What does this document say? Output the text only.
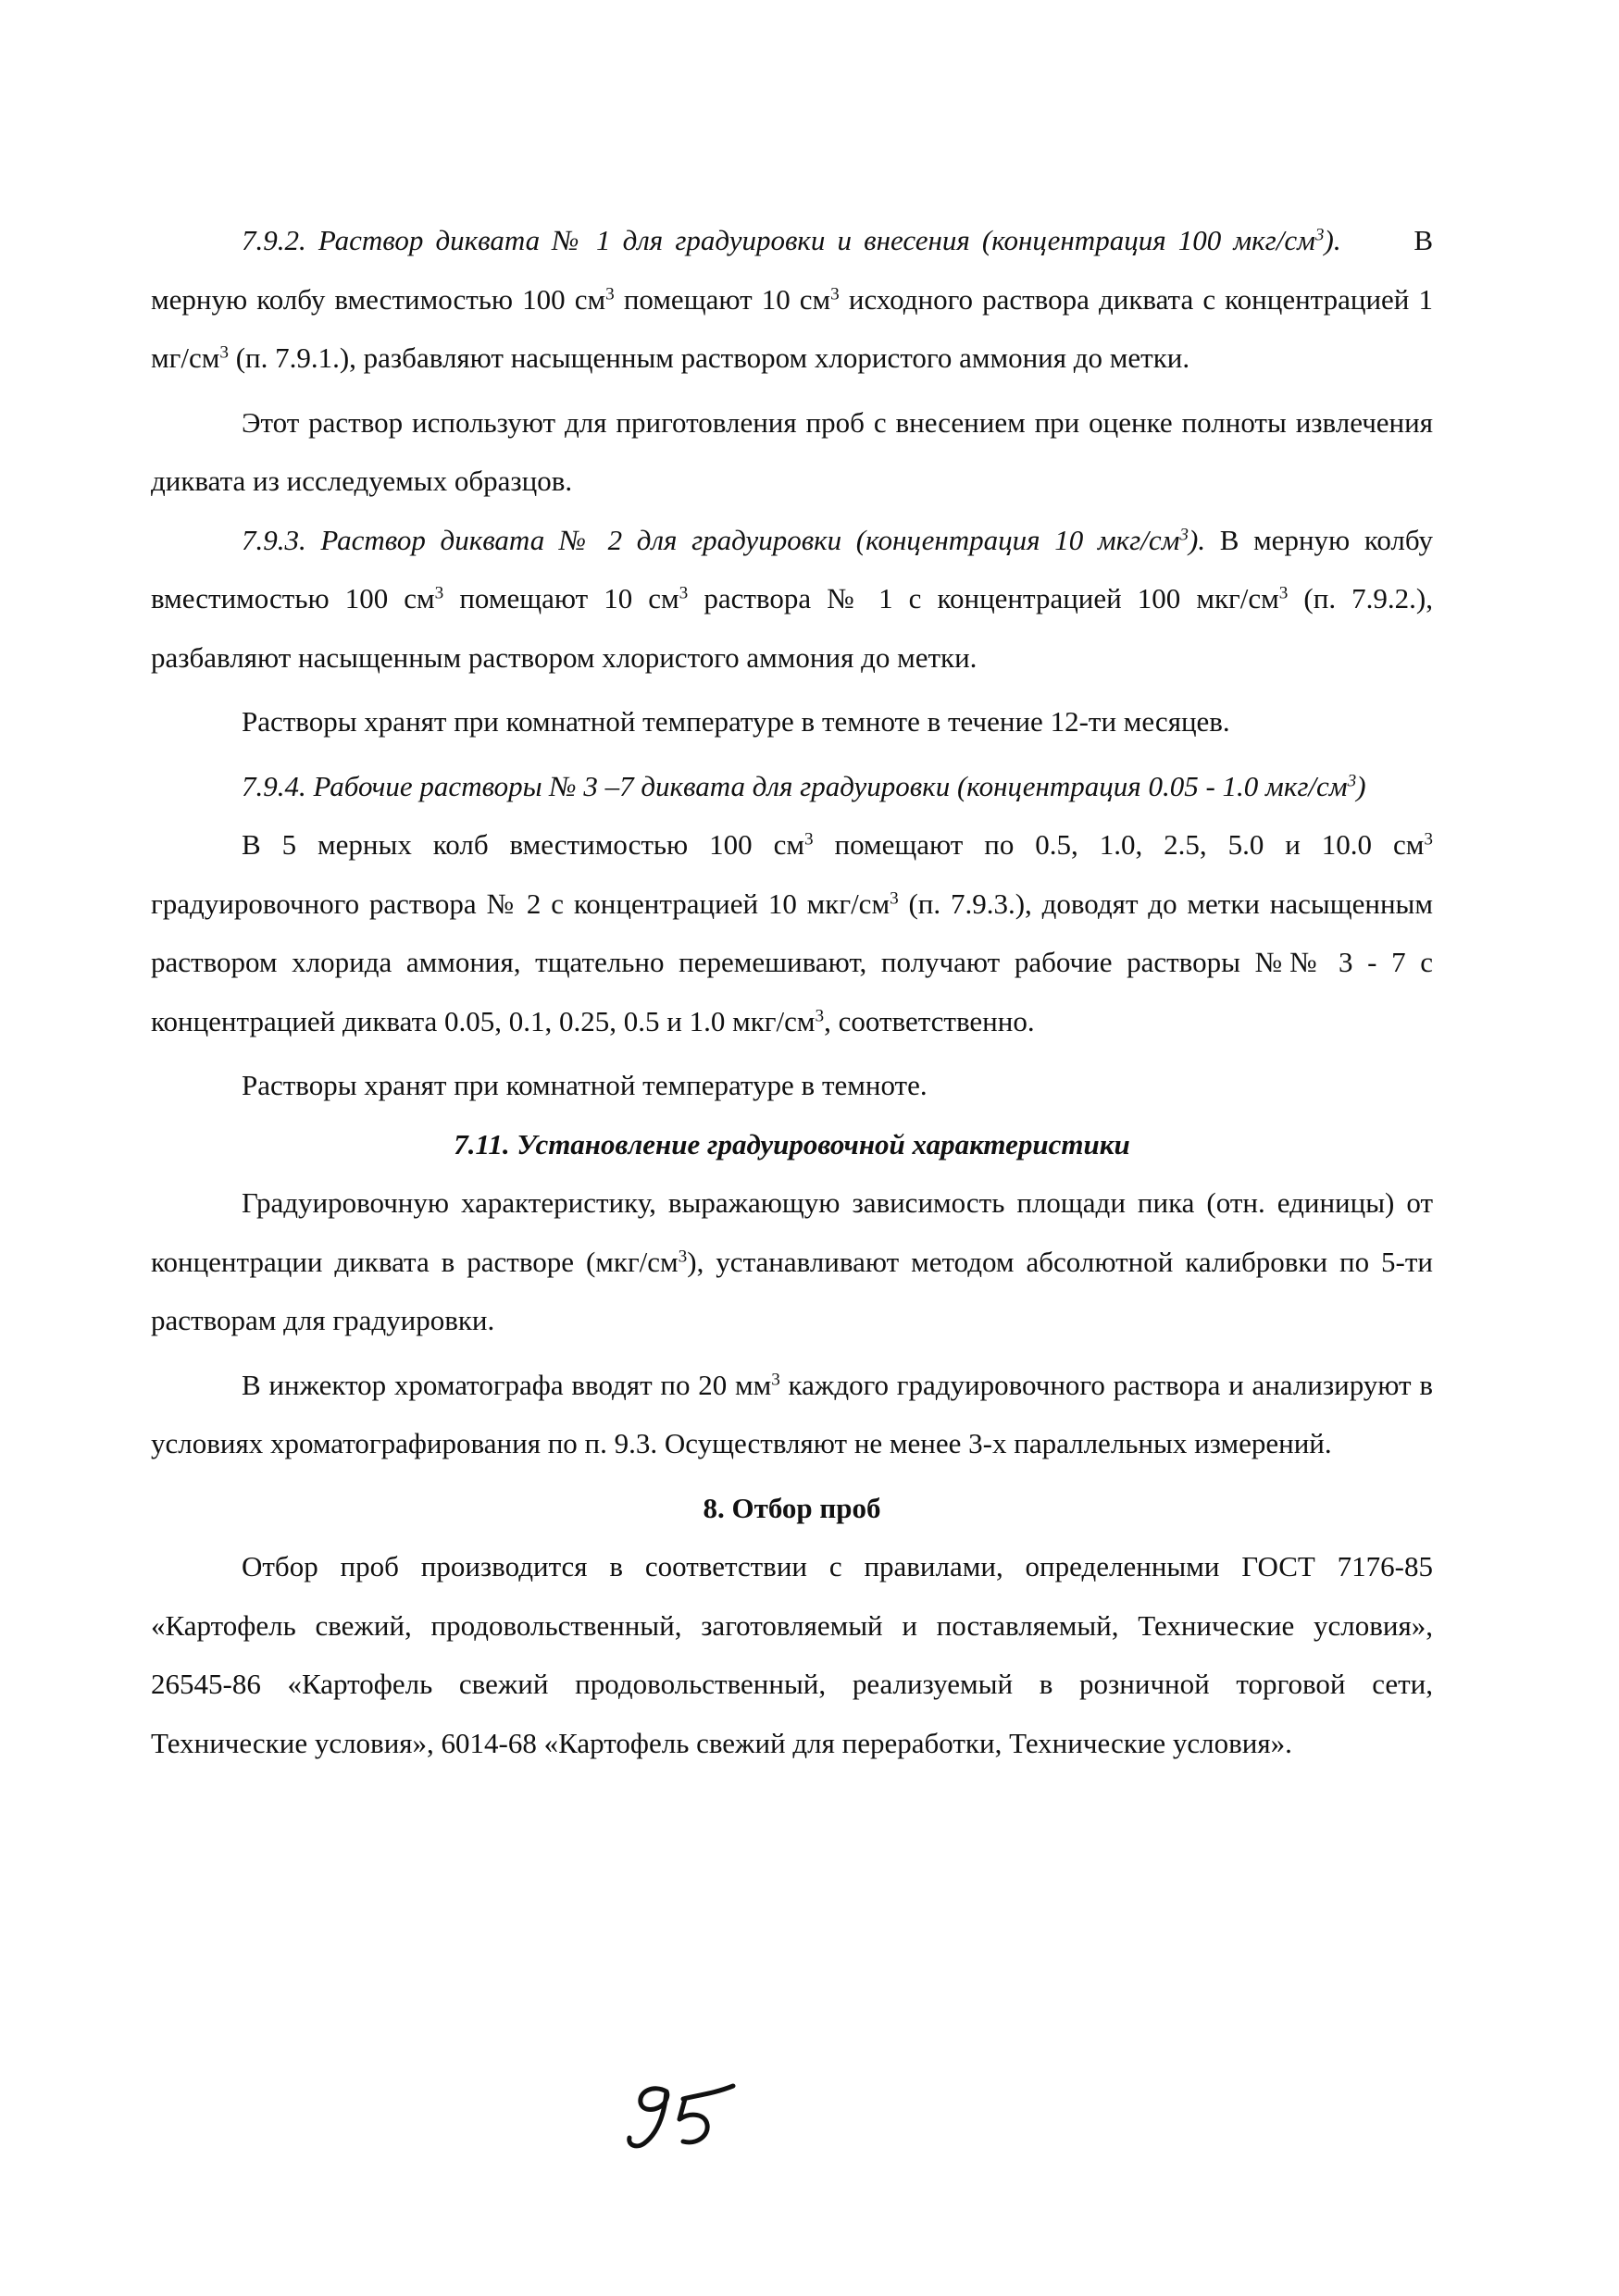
7.9.2. Раствор диквата № 1 для градуировки и внесения (концентрация 100 мкг/$см^3$).	В мерную колбу вместимостью 100 $см^3$ помещают 10 $см^3$ исходного раствора диквата с концентрацией 1 $мг/см^3$ (п. 7.9.1.), разбавляют насыщенным раствором хлористого аммония до метки.

Этот раствор используют для приготовления проб с внесением при оценке полноты извлечения диквата из исследуемых образцов.

7.9.3. Раствор диквата № 2 для градуировки (концентрация 10 мкг/$см^3$). В мерную колбу вместимостью 100 $см^3$ помещают 10 $см^3$ раствора № 1 с концентрацией 100 мкг/$см^3$ (п. 7.9.2.), разбавляют насыщенным раствором хлористого аммония до метки.

Растворы хранят при комнатной температуре в темноте в течение 12-ти месяцев.

7.9.4. Рабочие растворы № 3 –7 диквата для градуировки (концентрация 0.05 - 1.0 мкг/$см^3$)

В 5 мерных колб вместимостью 100 $см^3$ помещают по 0.5, 1.0, 2.5, 5.0 и 10.0 $см^3$ градуировочного раствора № 2 с концентрацией 10 мкг/$см^3$ (п. 7.9.3.), доводят до метки насыщенным раствором хлорида аммония, тщательно перемешивают, получают рабочие растворы №№ 3 - 7 с концентрацией диквата 0.05, 0.1, 0.25, 0.5 и 1.0 мкг/$см^3$, соответственно.

Растворы хранят при комнатной температуре в темноте.

7.11. Установление градуировочной характеристики

Градуировочную характеристику, выражающую зависимость площади пика (отн. единицы) от концентрации диквата в растворе $(мкг/см^3)$, устанавливают методом абсолютной калибровки по 5-ти растворам для градуировки.

В инжектор хроматографа вводят по 20 $мм^3$ каждого градуировочного раствора и анализируют в условиях хроматографирования по п. 9.3. Осуществляют не менее 3-х параллельных измерений.

8. Отбор проб

Отбор проб производится в соответствии с правилами, определенными ГОСТ 7176-85 «Картофель свежий, продовольственный, заготовляемый и поставляемый, Технические условия», 26545-86 «Картофель свежий продовольственный, реализуемый в розничной торговой сети, Технические условия», 6014-68 «Картофель свежий для переработки, Технические условия».
